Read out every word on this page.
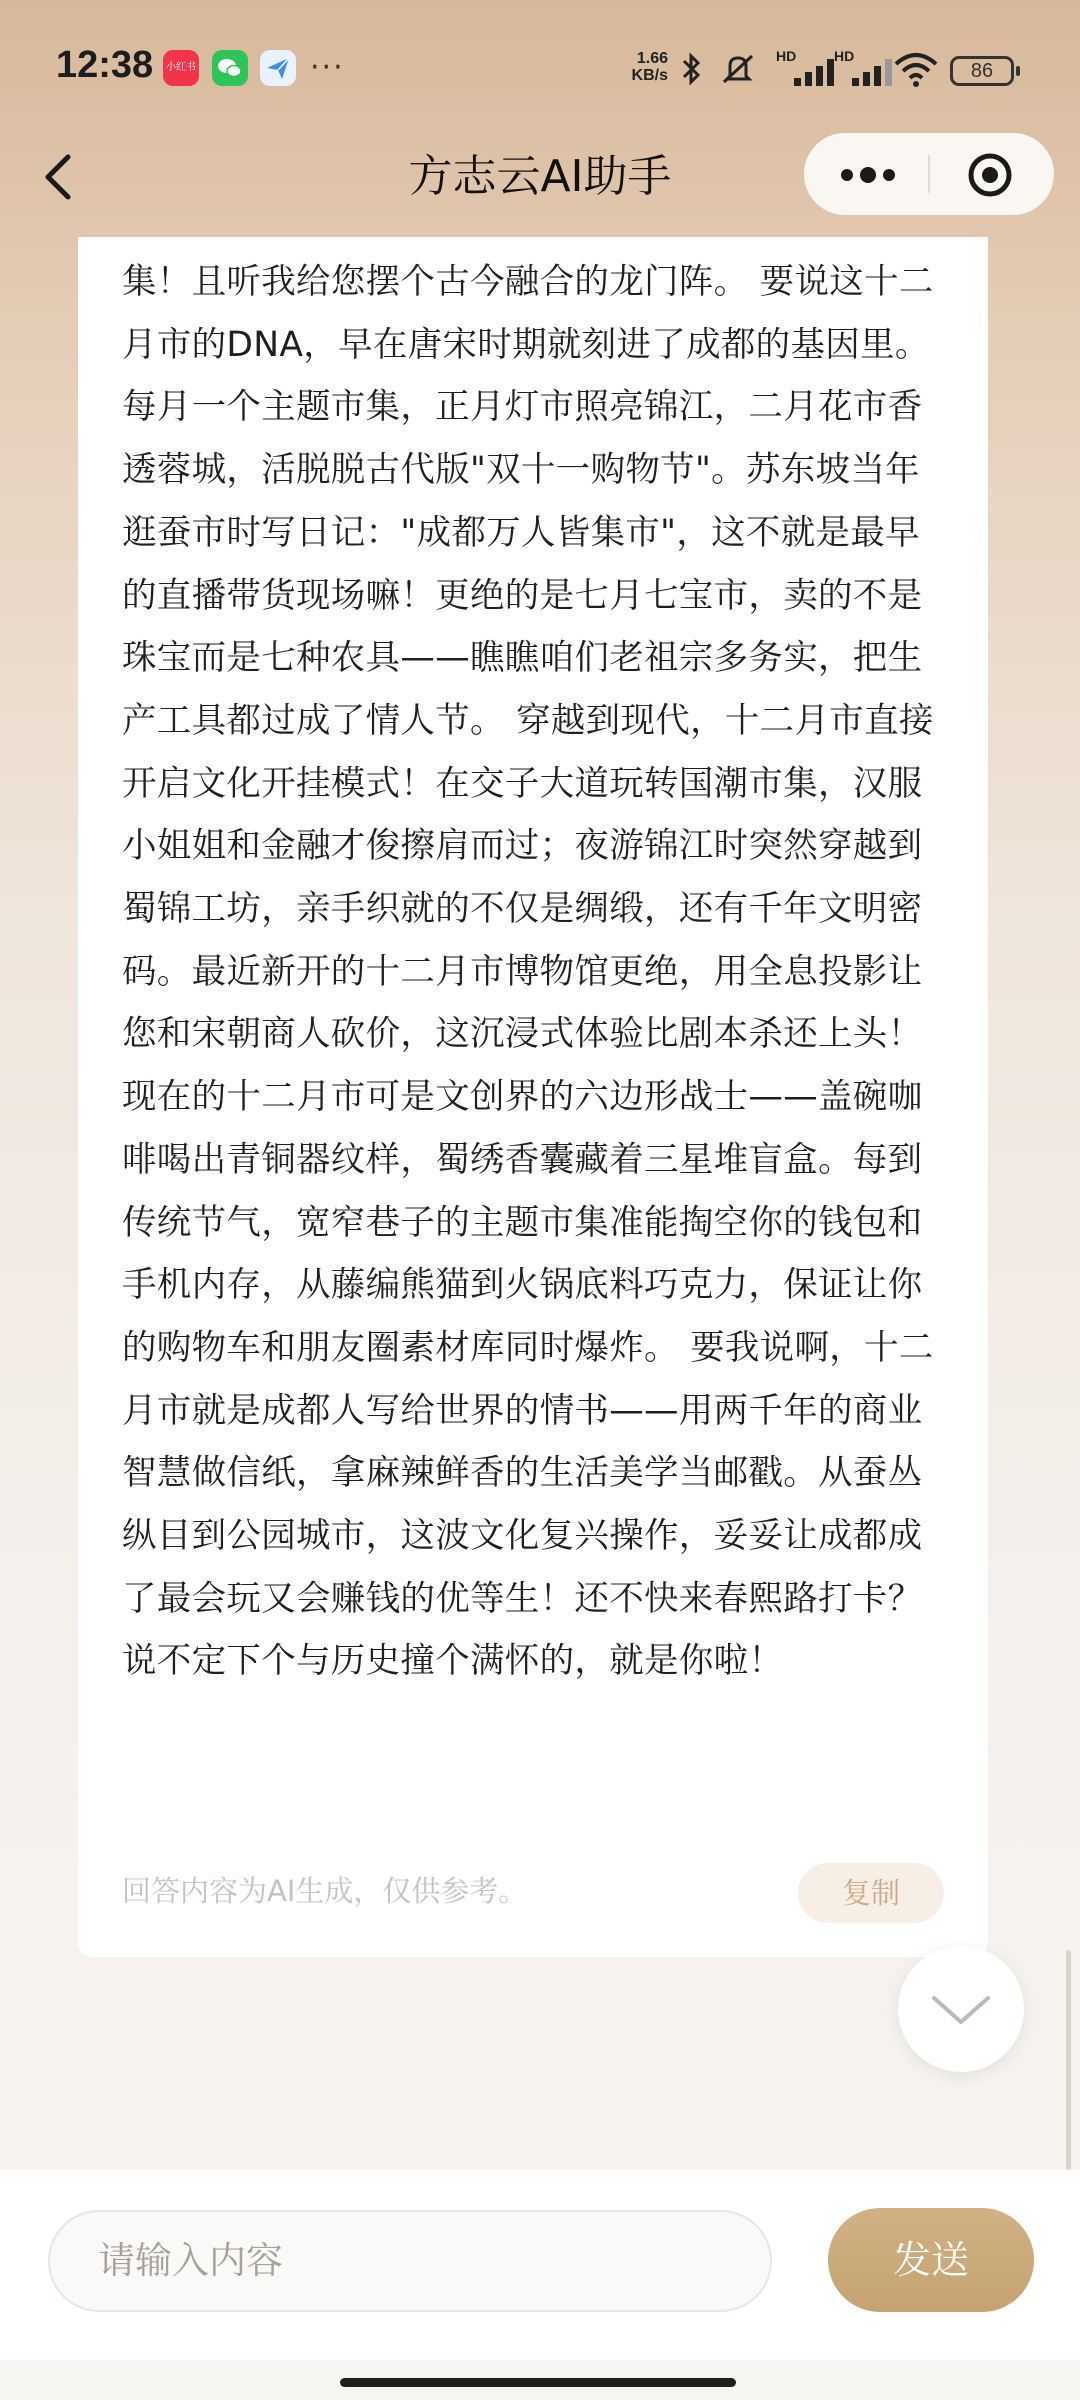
12:38	小红书	···	1.66
KB/s
HD	HD
86
方志云AI助手
集！且听我给您摆个古今融合的龙门阵。 要说这十二月市的DNA，早在唐宋时期就刻进了成都的基因里。每月一个主题市集，正月灯市照亮锦江，二月花市香透蓉城，活脱脱古代版"双十一购物节"。苏东坡当年逛蚕市时写日记："成都万人皆集市"，这不就是最早的直播带货现场嘛！更绝的是七月七宝市，卖的不是珠宝而是七种农具——瞧瞧咱们老祖宗多务实，把生产工具都过成了情人节。 穿越到现代，十二月市直接开启文化开挂模式！在交子大道玩转国潮市集，汉服小姐姐和金融才俊擦肩而过；夜游锦江时突然穿越到蜀锦工坊，亲手织就的不仅是绸缎，还有千年文明密码。最近新开的十二月市博物馆更绝，用全息投影让您和宋朝商人砍价，这沉浸式体验比剧本杀还上头！ 现在的十二月市可是文创界的六边形战士——盖碗咖啡喝出青铜器纹样，蜀绣香囊藏着三星堆盲盒。每到传统节气，宽窄巷子的主题市集准能掏空你的钱包和手机内存，从藤编熊猫到火锅底料巧克力，保证让你的购物车和朋友圈素材库同时爆炸。 要我说啊，十二月市就是成都人写给世界的情书——用两千年的商业智慧做信纸，拿麻辣鲜香的生活美学当邮戳。从蚕丛纵目到公园城市，这波文化复兴操作，妥妥让成都成了最会玩又会赚钱的优等生！还不快来春熙路打卡？说不定下个与历史撞个满怀的，就是你啦！
回答内容为AI生成，仅供参考。	复制
请输入内容	发送
